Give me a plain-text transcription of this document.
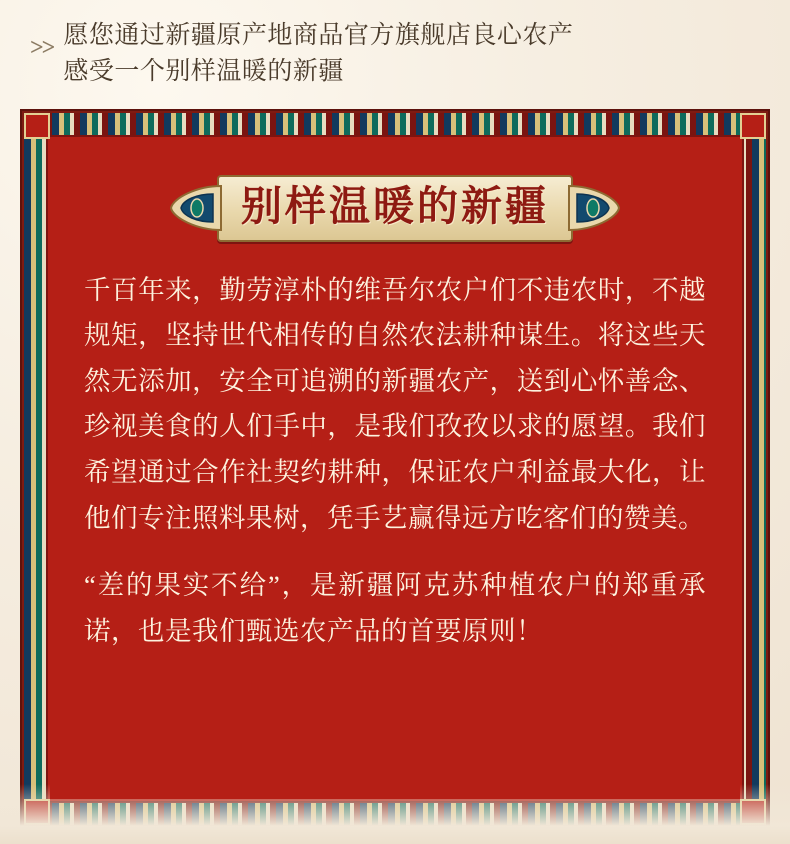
>> 愿您通过新疆原产地商品官方旗舰店良心农产
感受一个别样温暖的新疆
别样温暖的新疆

千百年来，勤劳淳朴的维吾尔农户们不违农时，不越规矩，坚持世代相传的自然农法耕种谋生。将这些天然无添加，安全可追溯的新疆农产，送到心怀善念、珍视美食的人们手中，是我们孜孜以求的愿望。我们希望通过合作社契约耕种，保证农户利益最大化，让他们专注照料果树，凭手艺赢得远方吃客们的赞美。

“差的果实不给”，是新疆阿克苏种植农户的郑重承诺，也是我们甄选农产品的首要原则！
